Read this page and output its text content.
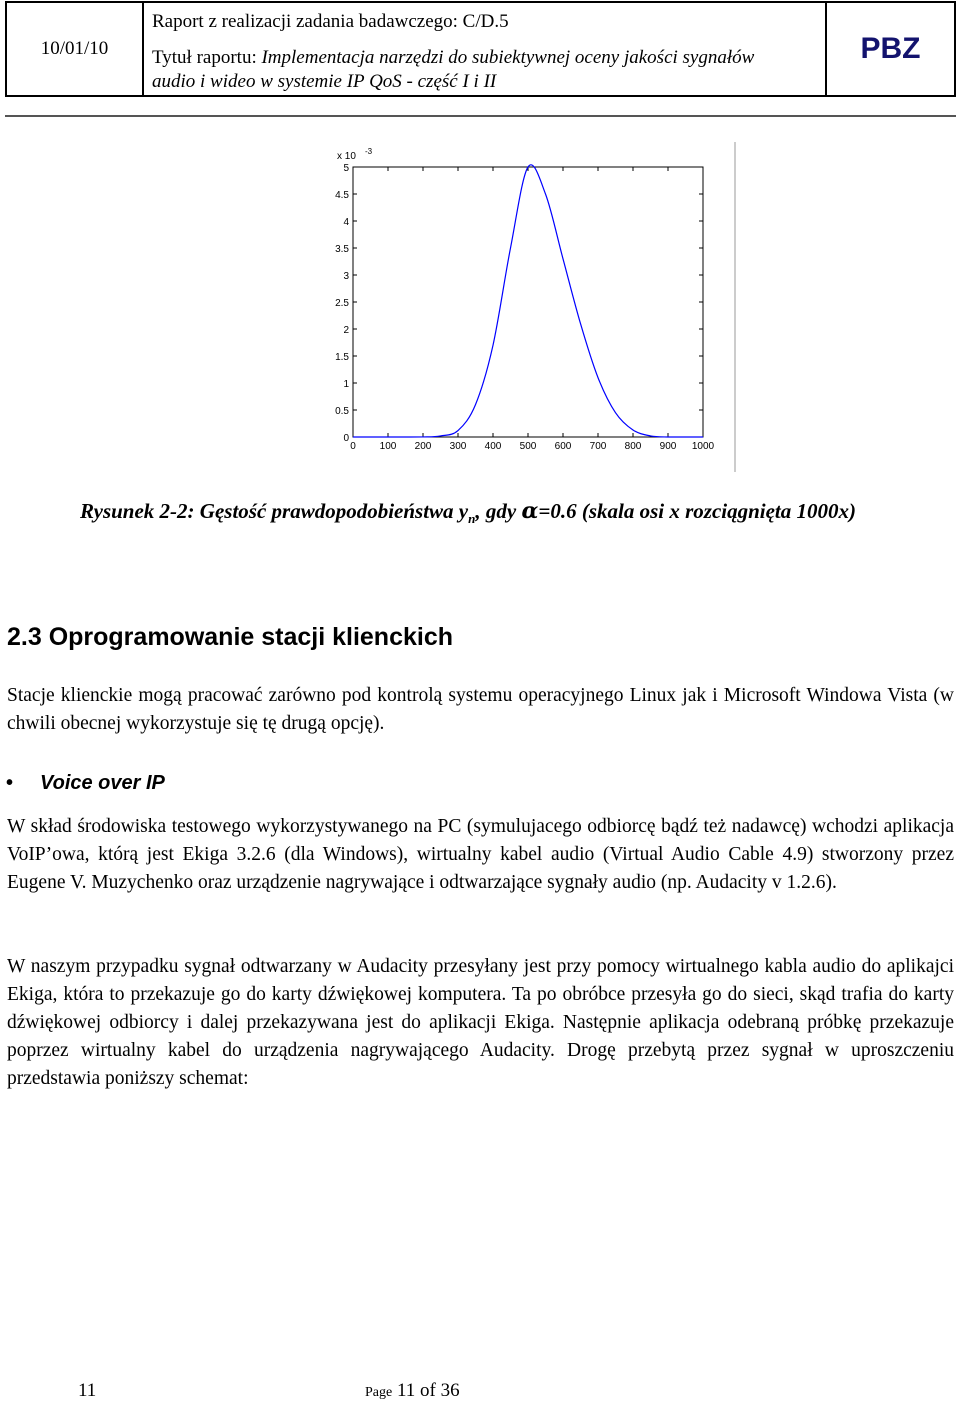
10/01/10
Raport z realizacji zadania badawczego: C/D.5
Tytuł raportu: Implementacja narzędzi do subiektywnej oceny jakości sygnałów
audio i wideo w systemie IP QoS - część I i II
PBZ
0 100 200 300 400 500 600 700 800 900 1000
0
0.5
1
1.5
2
2.5
3
3.5
4
4.5
5
x 10 -3
Rysunek 2-2: Gęstość prawdopodobieństwa $y_n$, gdy α=0.6 (skala osi x rozciągnięta 1000x)
2.3 Oprogramowanie stacji klienckich
Stacje klienckie mogą pracować zarówno pod kontrolą systemu operacyjnego Linux jak i Microsoft Windowa Vista (w chwili obecnej wykorzystuje się tę drugą opcję).
• Voice over IP
W skład środowiska testowego wykorzystywanego na PC (symulujacego odbiorcę bądź też nadawcę) wchodzi aplikacja VoIP’owa, którą jest Ekiga 3.2.6 (dla Windows), wirtualny kabel audio (Virtual Audio Cable 4.9) stworzony przez Eugene V. Muzychenko oraz urządzenie nagrywające i odtwarzające sygnały audio (np. Audacity v 1.2.6).
W naszym przypadku sygnał odtwarzany w Audacity przesyłany jest przy pomocy wirtualnego kabla audio do aplikajci Ekiga, która to przekazuje go do karty dźwiękowej komputera. Ta po obróbce przesyła go do sieci, skąd trafia do karty dźwiękowej odbiorcy i dalej przekazywana jest do aplikacji Ekiga. Następnie aplikacja odebraną próbkę przekazuje poprzez wirtualny kabel do urządzenia nagrywającego Audacity. Drogę przebytą przez sygnał w uproszczeniu przedstawia poniższy schemat:
11	Page 11 of 36
